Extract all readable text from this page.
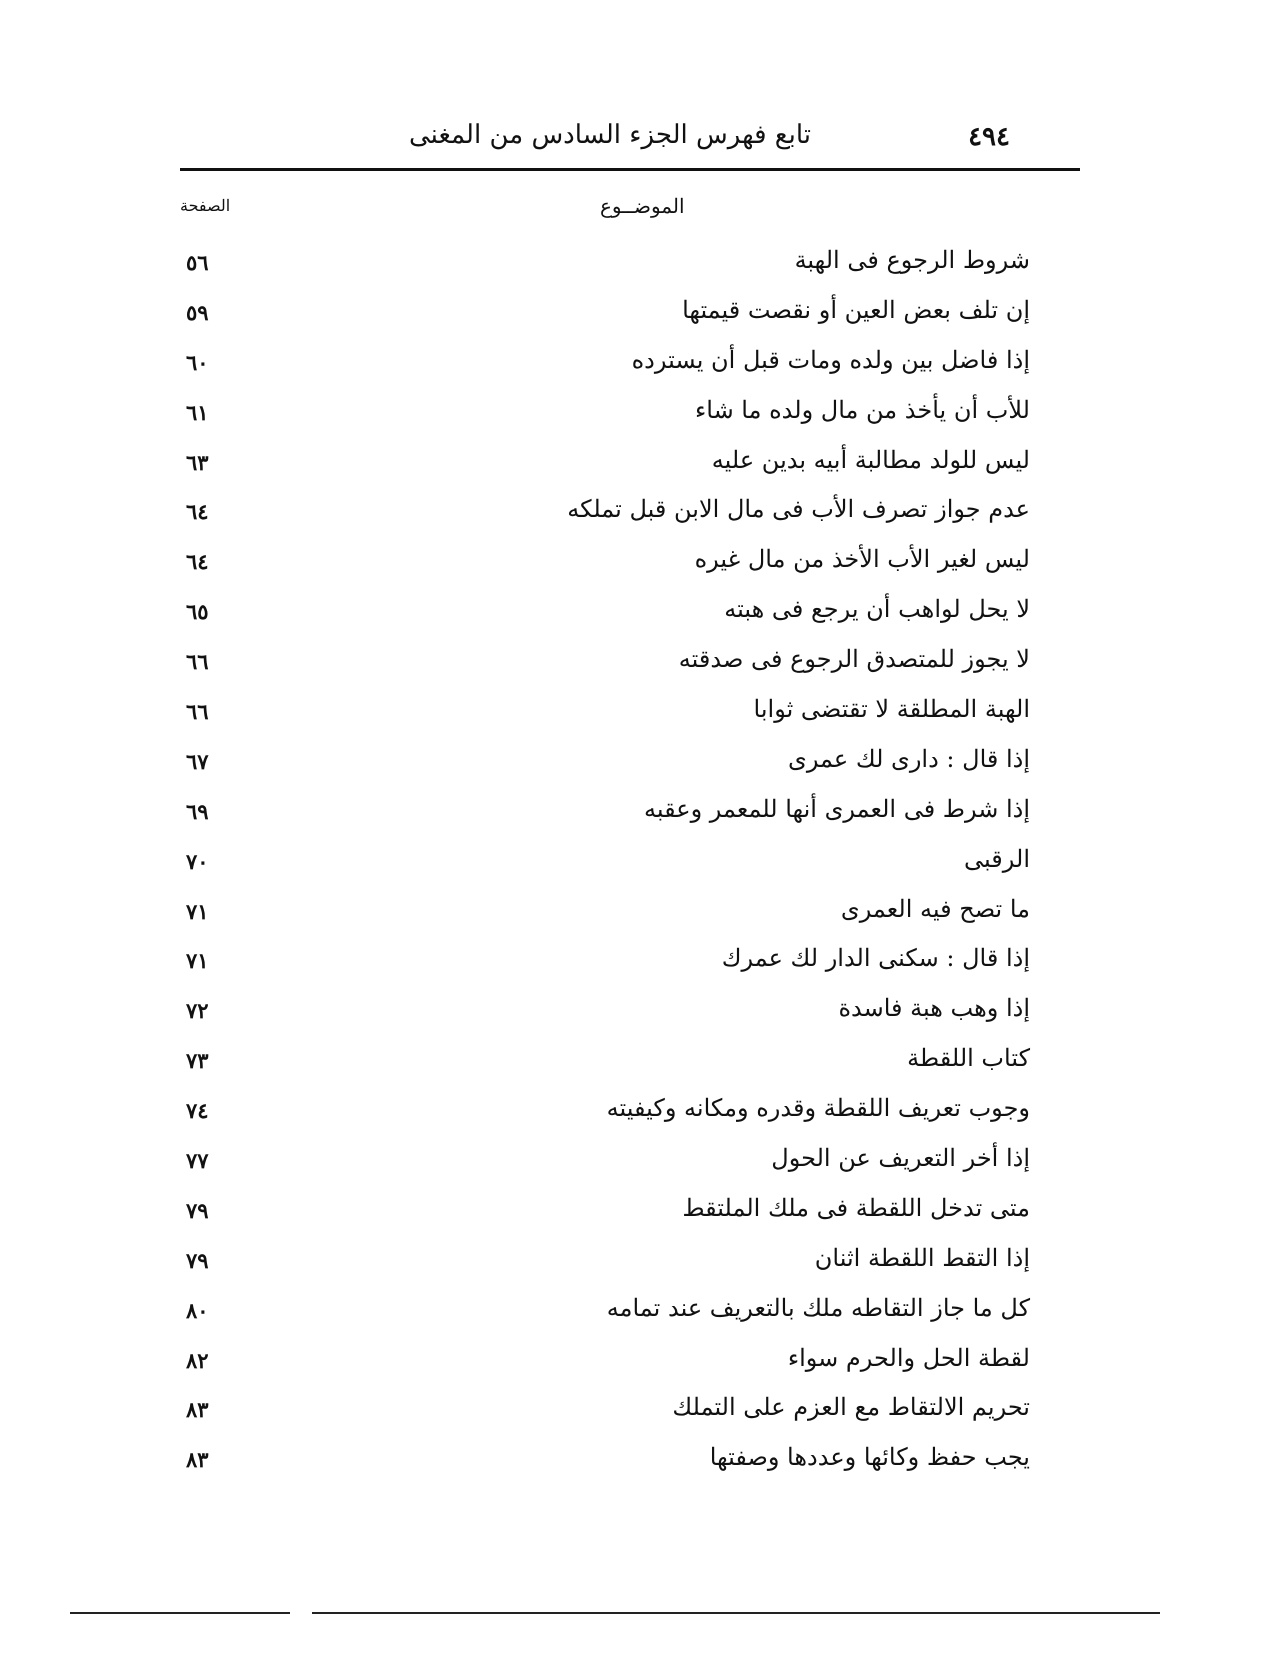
٤٩٤
تابع فهرس الجزء السادس من المغنى
الصفحة	الموضــوع
شروط الرجوع فى الهبة
٥٦
إن تلف بعض العين أو نقصت قيمتها
٥٩
إذا فاضل بين ولده ومات قبل أن يسترده
٦٠
للأب أن يأخذ من مال ولده ما شاء
٦١
ليس للولد مطالبة أبيه بدين عليه
٦٣
عدم جواز تصرف الأب فى مال الابن قبل تملكه
٦٤
ليس لغير الأب الأخذ من مال غيره
٦٤
لا يحل لواهب أن يرجع فى هبته
٦٥
لا يجوز للمتصدق الرجوع فى صدقته
٦٦
الهبة المطلقة لا تقتضى ثوابا
٦٦
إذا قال : دارى لك عمرى
٦٧
إذا شرط فى العمرى أنها للمعمر وعقبه
٦٩
الرقبى
٧٠
ما تصح فيه العمرى
٧١
إذا قال : سكنى الدار لك عمرك
٧١
إذا وهب هبة فاسدة
٧٢
كتاب اللقطة
٧٣
وجوب تعريف اللقطة وقدره ومكانه وكيفيته
٧٤
إذا أخر التعريف عن الحول
٧٧
متى تدخل اللقطة فى ملك الملتقط
٧٩
إذا التقط اللقطة اثنان
٧٩
كل ما جاز التقاطه ملك بالتعريف عند تمامه
٨٠
لقطة الحل والحرم سواء
٨٢
تحريم الالتقاط مع العزم على التملك
٨٣
يجب حفظ وكائها وعددها وصفتها
٨٣
